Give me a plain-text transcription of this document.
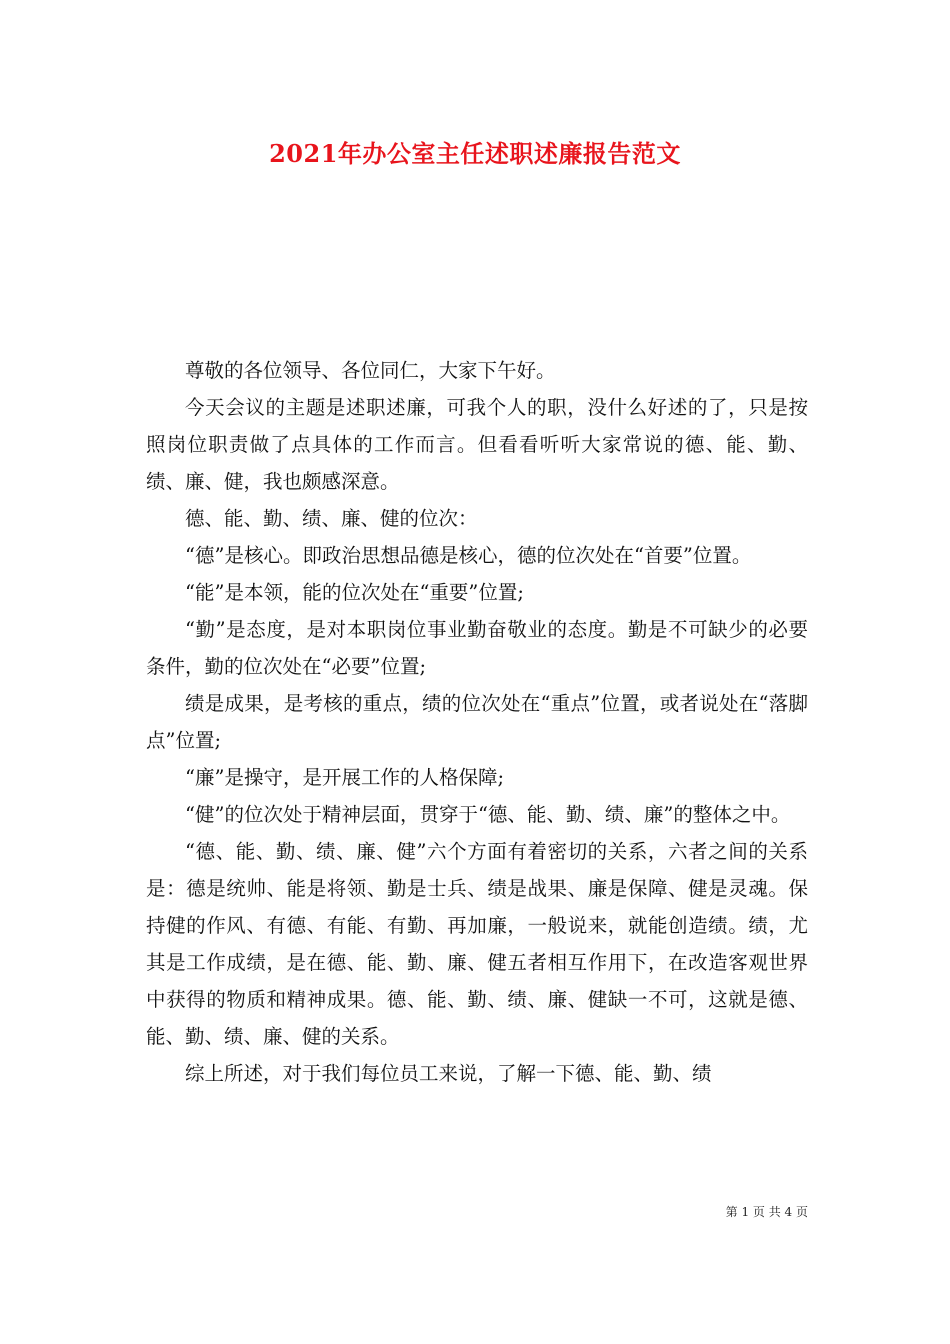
2021年办公室主任述职述廉报告范文

尊敬的各位领导、各位同仁，大家下午好。

今天会议的主题是述职述廉，可我个人的职，没什么好述的了，只是按照岗位职责做了点具体的工作而言。但看看听听大家常说的德、能、勤、绩、廉、健，我也颇感深意。

德、能、勤、绩、廉、健的位次：

“德”是核心。即政治思想品德是核心，德的位次处在“首要”位置。

“能”是本领，能的位次处在“重要”位置;

“勤”是态度，是对本职岗位事业勤奋敬业的态度。勤是不可缺少的必要条件，勤的位次处在“必要”位置;

绩是成果，是考核的重点，绩的位次处在“重点”位置，或者说处在“落脚点”位置;

“廉”是操守，是开展工作的人格保障;

“健”的位次处于精神层面，贯穿于“德、能、勤、绩、廉”的整体之中。

“德、能、勤、绩、廉、健”六个方面有着密切的关系，六者之间的关系是：德是统帅、能是将领、勤是士兵、绩是战果、廉是保障、健是灵魂。保持健的作风、有德、有能、有勤、再加廉，一般说来，就能创造绩。绩，尤其是工作成绩，是在德、能、勤、廉、健五者相互作用下，在改造客观世界中获得的物质和精神成果。德、能、勤、绩、廉、健缺一不可，这就是德、能、勤、绩、廉、健的关系。

综上所述，对于我们每位员工来说，了解一下德、能、勤、绩

第 1 页 共 4 页
